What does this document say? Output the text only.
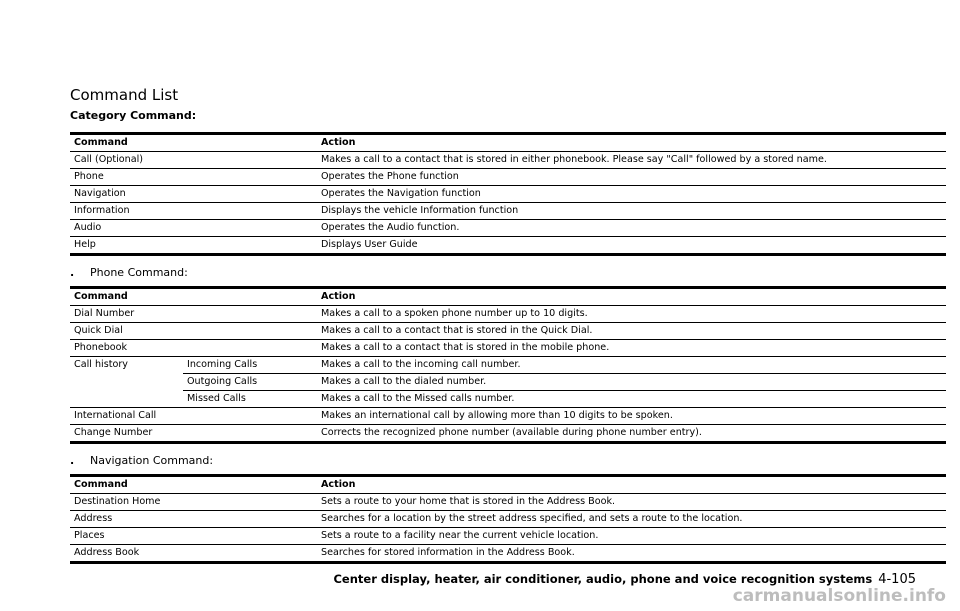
Command List
Category Command:
Command	Action
Call (Optional)	Makes a call to a contact that is stored in either phonebook. Please say "Call" followed by a stored name.
Phone	Operates the Phone function
Navigation	Operates the Navigation function
Information	Displays the vehicle Information function
Audio	Operates the Audio function.
Help	Displays User Guide
. Phone Command:
Command		Action
Dial Number		Makes a call to a spoken phone number up to 10 digits.
Quick Dial		Makes a call to a contact that is stored in the Quick Dial.
Phonebook		Makes a call to a contact that is stored in the mobile phone.
Call history	Incoming Calls	Makes a call to the incoming call number.
	Outgoing Calls	Makes a call to the dialed number.
	Missed Calls	Makes a call to the Missed calls number.
International Call		Makes an international call by allowing more than 10 digits to be spoken.
Change Number		Corrects the recognized phone number (available during phone number entry).
. Navigation Command:
Command	Action
Destination Home	Sets a route to your home that is stored in the Address Book.
Address	Searches for a location by the street address specified, and sets a route to the location.
Places	Sets a route to a facility near the current vehicle location.
Address Book	Searches for stored information in the Address Book.
Center display, heater, air conditioner, audio, phone and voice recognition systems 4-105
carmanualsonline.info
